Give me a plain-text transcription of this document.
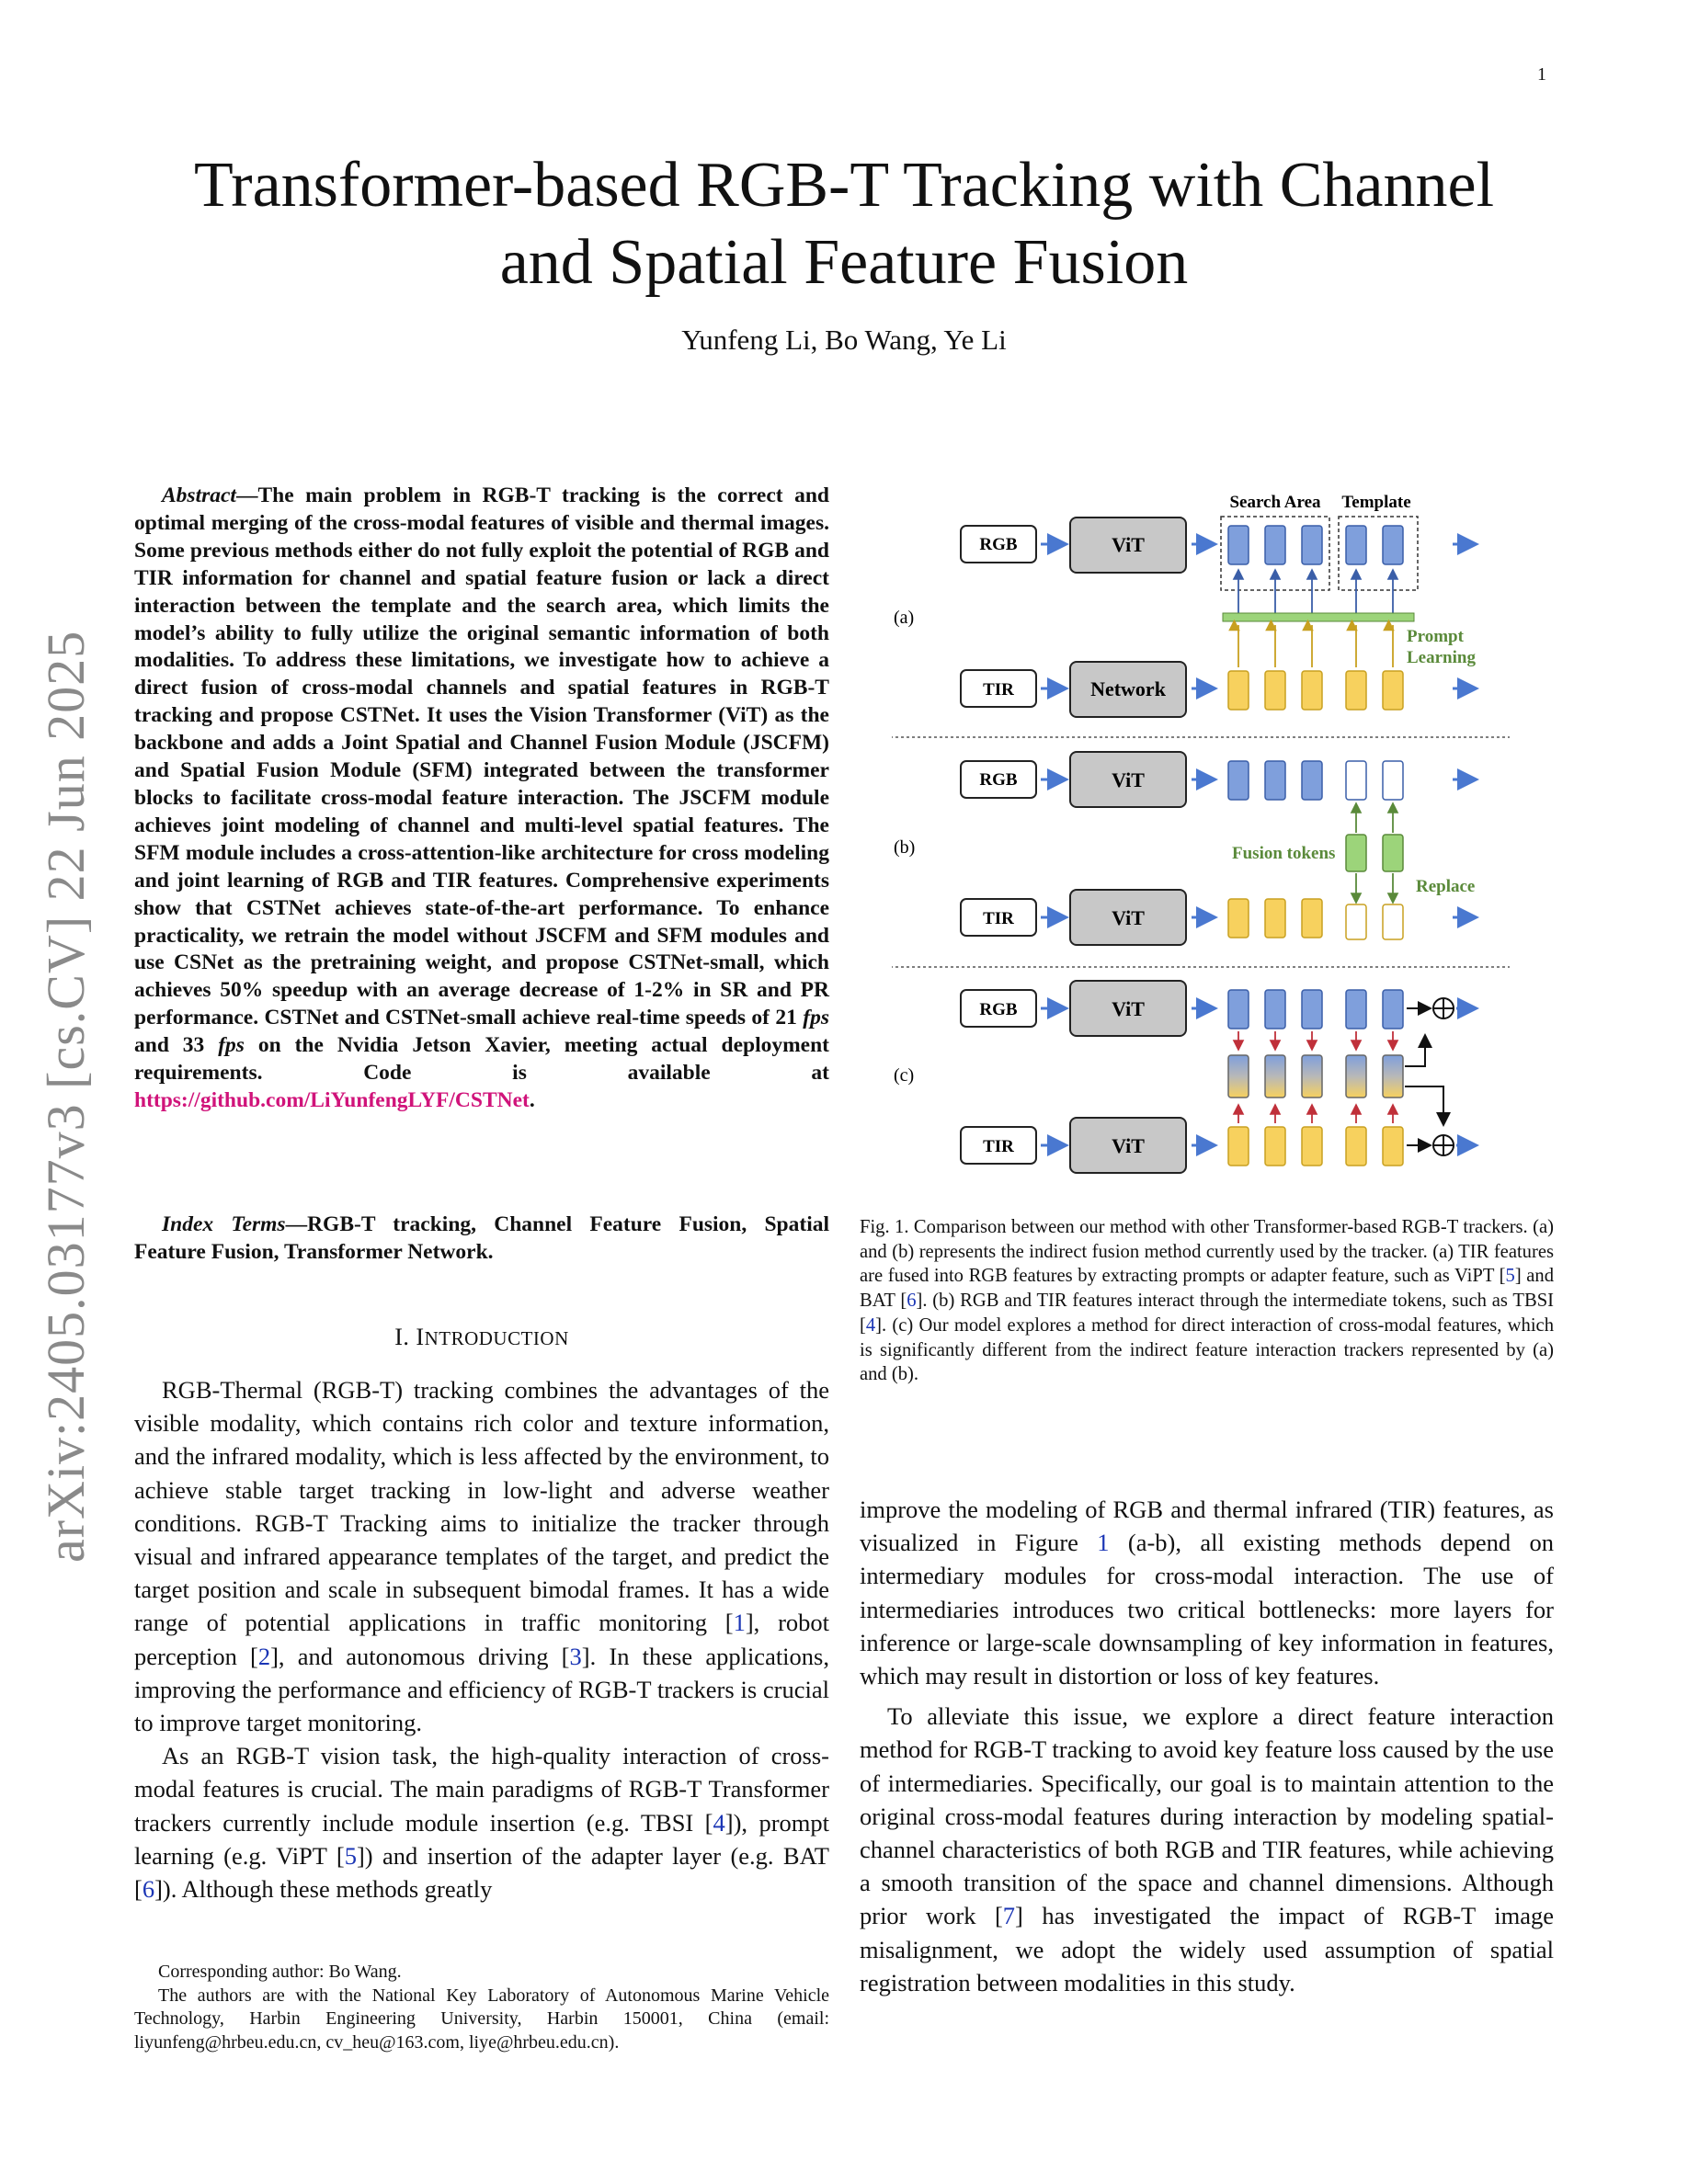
1
arXiv:2405.03177v3 [cs.CV] 22 Jun 2025
Transformer-based RGB-T Tracking with Channel
and Spatial Feature Fusion
Yunfeng Li, Bo Wang, Ye Li
Abstract—The main problem in RGB-T tracking is the correct and optimal merging of the cross-modal features of visible and thermal images. Some previous methods either do not fully exploit the potential of RGB and TIR information for channel and spatial feature fusion or lack a direct interaction between the template and the search area, which limits the model’s ability to fully utilize the original semantic information of both modalities. To address these limitations, we investigate how to achieve a direct fusion of cross-modal channels and spatial features in RGB-T tracking and propose CSTNet. It uses the Vision Transformer (ViT) as the backbone and adds a Joint Spatial and Channel Fusion Module (JSCFM) and Spatial Fusion Module (SFM) integrated between the transformer blocks to facilitate cross-modal feature interaction. The JSCFM module achieves joint modeling of channel and multi-level spatial features. The SFM module includes a cross-attention-like architecture for cross modeling and joint learning of RGB and TIR features. Comprehensive experiments show that CSTNet achieves state-of-the-art performance. To enhance practicality, we retrain the model without JSCFM and SFM modules and use CSNet as the pretraining weight, and propose CSTNet-small, which achieves 50% speedup with an average decrease of 1-2% in SR and PR performance. CSTNet and CSTNet-small achieve real-time speeds of 21 fps and 33 fps on the Nvidia Jetson Xavier, meeting actual deployment requirements. Code is available at https://github.com/LiYunfengLYF/CSTNet.
Index Terms—RGB-T tracking, Channel Feature Fusion, Spatial Feature Fusion, Transformer Network.
I. INTRODUCTION

RGB-Thermal (RGB-T) tracking combines the advantages of the visible modality, which contains rich color and texture information, and the infrared modality, which is less affected by the environment, to achieve stable target tracking in low-light and adverse weather conditions. RGB-T Tracking aims to initialize the tracker through visual and infrared appearance templates of the target, and predict the target position and scale in subsequent bimodal frames. It has a wide range of potential applications in traffic monitoring [1], robot perception [2], and autonomous driving [3]. In these applications, improving the performance and efficiency of RGB-T trackers is crucial to improve target monitoring.

As an RGB-T vision task, the high-quality interaction of cross-modal features is crucial. The main paradigms of RGB-T Transformer trackers currently include module insertion (e.g. TBSI [4]), prompt learning (e.g. ViPT [5]) and insertion of the adapter layer (e.g. BAT [6]). Although these methods greatly

Corresponding author: Bo Wang.

The authors are with the National Key Laboratory of Autonomous Marine Vehicle Technology, Harbin Engineering University, Harbin 150001, China (email: liyunfeng@hrbeu.edu.cn, cv_heu@163.com, liye@hrbeu.edu.cn).

improve the modeling of RGB and thermal infrared (TIR) features, as visualized in Figure 1 (a-b), all existing methods depend on intermediary modules for cross-modal interaction. The use of intermediaries introduces two critical bottlenecks: more layers for inference or large-scale downsampling of key information in features, which may result in distortion or loss of key features.

To alleviate this issue, we explore a direct feature interaction method for RGB-T tracking to avoid key feature loss caused by the use of intermediaries. Specifically, our goal is to maintain attention to the original cross-modal features during interaction by modeling spatial-channel characteristics of both RGB and TIR features, while achieving a smooth transition of the space and channel dimensions. Although prior work [7] has investigated the impact of RGB-T image misalignment, we adopt the widely used assumption of spatial registration between modalities in this study.

Fig. 1. Comparison between our method with other Transformer-based RGB-T trackers. (a) and (b) represents the indirect fusion method currently used by the tracker. (a) TIR features are fused into RGB features by extracting prompts or adapter feature, such as ViPT [5] and BAT [6]. (b) RGB and TIR features interact through the intermediate tokens, such as TBSI [4]. (c) Our model explores a method for direct interaction of cross-modal features, which is significantly different from the indirect feature interaction trackers represented by (a) and (b).
(a)
(b)
(c)
RGB	ViT
Search Area Template
Prompt
Learning
TIR	Network
RGB	ViT
Fusion tokens
Replace
TIR	ViT
RGB	ViT
TIR	ViT
